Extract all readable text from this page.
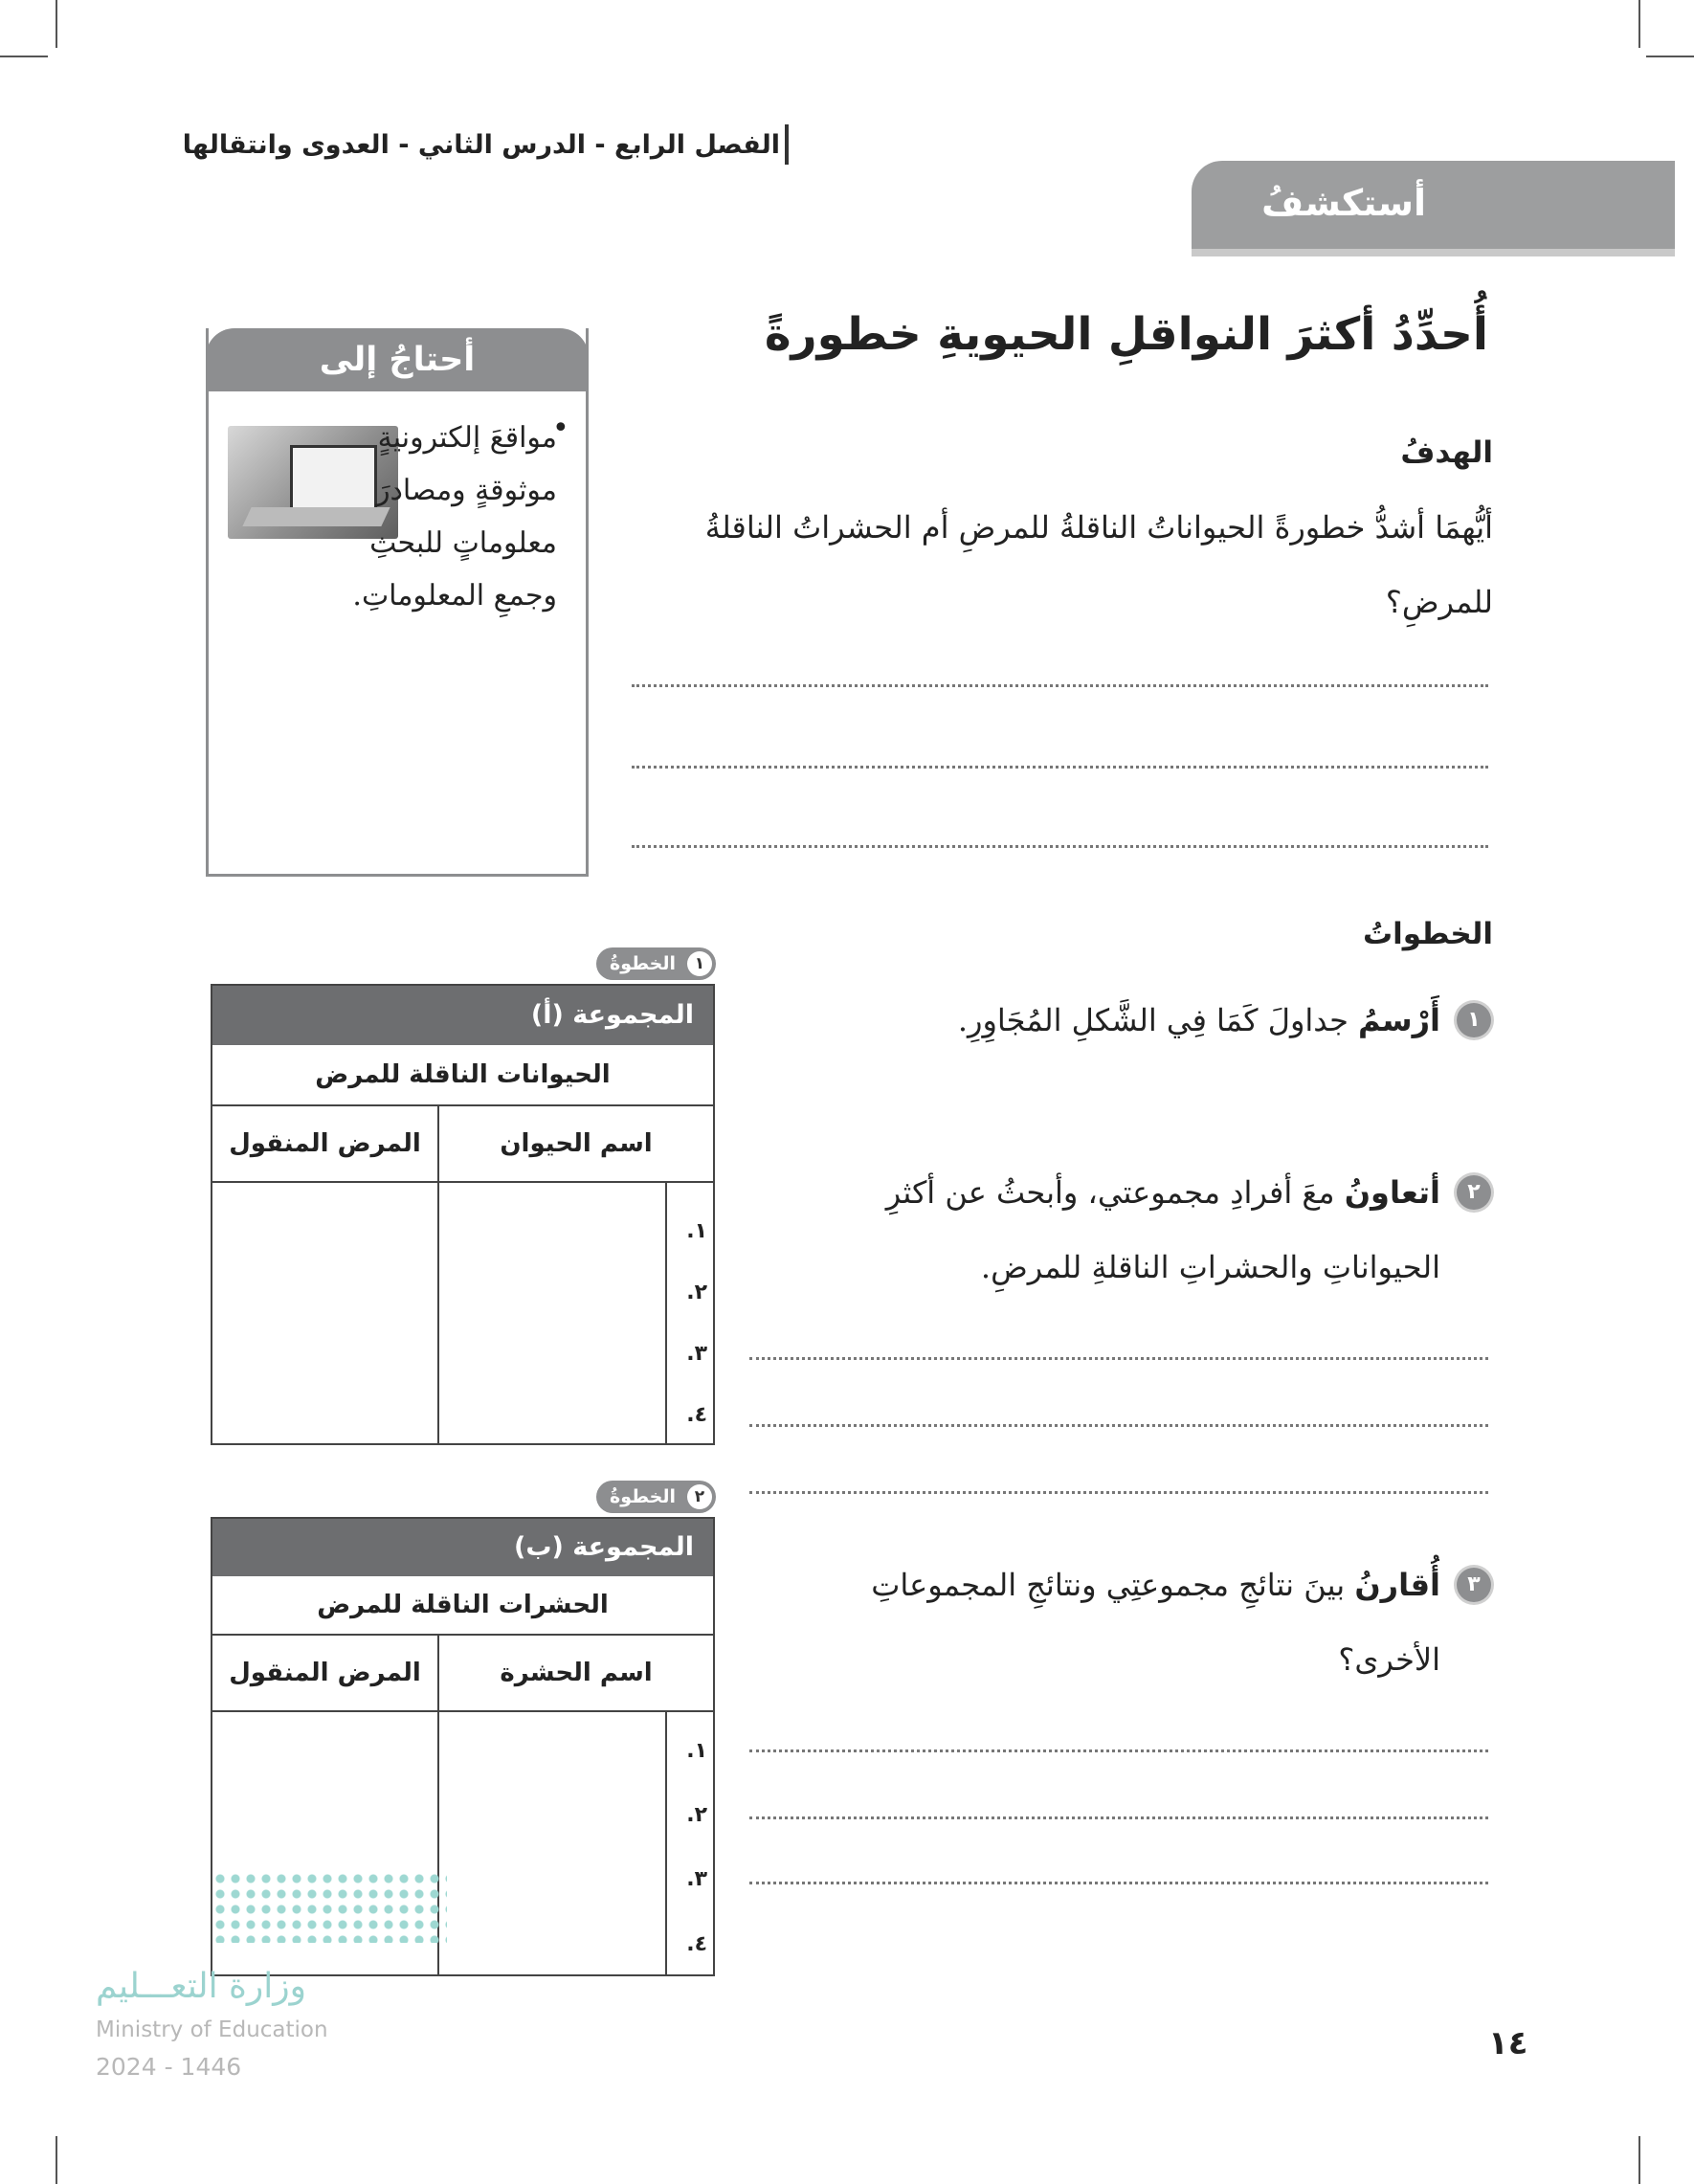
الفصل الرابع - الدرس الثاني - العدوى وانتقالها
أستكشفُ
أُحدِّدُ أكثرَ النواقلِ الحيويةِ خطورةً
الهدفُ
أيُّهمَا أشدُّ خطورةً الحيواناتُ الناقلةُ للمرضِ أم الحشراتُ الناقلةُ للمرضِ؟
أحتاجُ إلى
•
مواقعَ إلكترونيةٍ موثوقةٍ ومصادرَ معلوماتٍ للبحثِ وجمعِ المعلوماتِ.
الخطواتُ
١
أَرْسمُ جداولَ كَمَا فِي الشَّكلِ المُجَاوِرِ.
٢
أتعاونُ معَ أفرادِ مجموعتي، وأبحثُ عن أكثرِ الحيواناتِ والحشراتِ الناقلةِ للمرضِ.
٣
أُقارنُ بينَ نتائجِ مجموعتِي ونتائجِ المجموعاتِ الأخرى؟
الخطوةُ	١
المجموعة (أ)
الحيوانات الناقلة للمرض
اسم الحيوان
المرض المنقول
١.
٢.
٣.
٤.
الخطوةُ	٢
المجموعة (ب)
الحشرات الناقلة للمرض
اسم الحشرة
المرض المنقول
١.
٢.
٣.
٤.
وزارة التعـــليم
Ministry of Education
2024 - 1446
١٤
